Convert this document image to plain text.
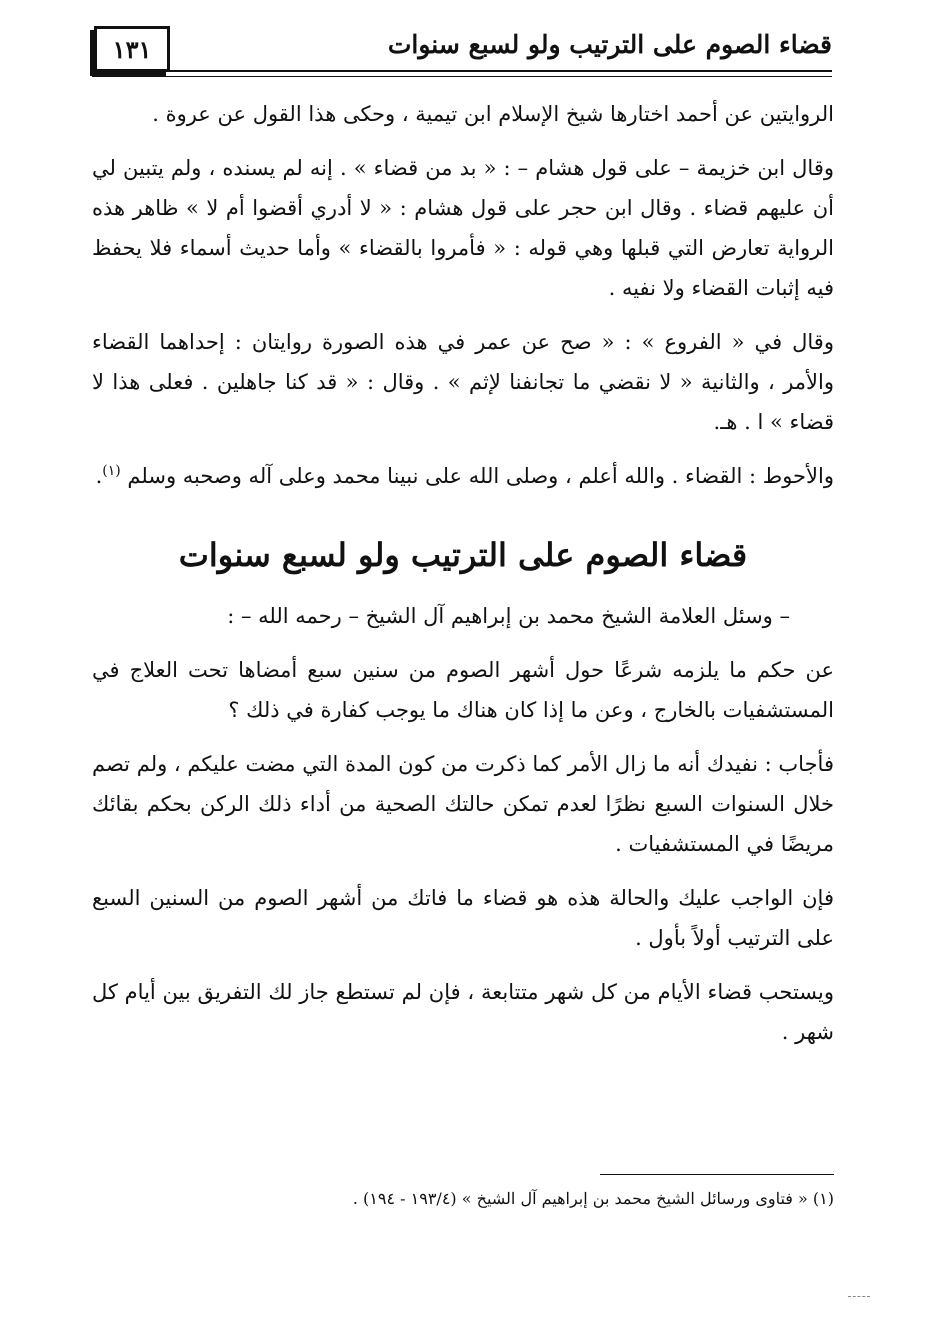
١٣١	قضاء الصوم على الترتيب ولو لسبع سنوات

الروايتين عن أحمد اختارها شيخ الإسلام ابن تيمية ، وحكى هذا القول عن عروة .

وقال ابن خزيمة – على قول هشام – : « بد من قضاء » . إنه لم يسنده ، ولم يتبين لي أن عليهم قضاء . وقال ابن حجر على قول هشام : « لا أدري أقضوا أم لا » ظاهر هذه الرواية تعارض التي قبلها وهي قوله : « فأمروا بالقضاء » وأما حديث أسماء فلا يحفظ فيه إثبات القضاء ولا نفيه .

وقال في « الفروع » : « صح عن عمر في هذه الصورة روايتان : إحداهما القضاء والأمر ، والثانية « لا نقضي ما تجانفنا لإثم » . وقال : « قد كنا جاهلين . فعلى هذا لا قضاء » ا . هـ.

والأحوط : القضاء . والله أعلم ، وصلى الله على نبينا محمد وعلى آله وصحبه وسلم $^{(١)}$.

قضاء الصوم على الترتيب ولو لسبع سنوات

– وسئل العلامة الشيخ محمد بن إبراهيم آل الشيخ – رحمه الله – :

عن حكم ما يلزمه شرعًا حول أشهر الصوم من سنين سبع أمضاها تحت العلاج في المستشفيات بالخارج ، وعن ما إذا كان هناك ما يوجب كفارة في ذلك ؟

فأجاب : نفيدك أنه ما زال الأمر كما ذكرت من كون المدة التي مضت عليكم ، ولم تصم خلال السنوات السبع نظرًا لعدم تمكن حالتك الصحية من أداء ذلك الركن بحكم بقائك مريضًا في المستشفيات .

فإن الواجب عليك والحالة هذه هو قضاء ما فاتك من أشهر الصوم من السنين السبع على الترتيب أولاً بأول .

ويستحب قضاء الأيام من كل شهر متتابعة ، فإن لم تستطع جاز لك التفريق بين أيام كل شهر .

(١) « فتاوى ورسائل الشيخ محمد بن إبراهيم آل الشيخ » (١٩٣/٤ - ١٩٤) .
